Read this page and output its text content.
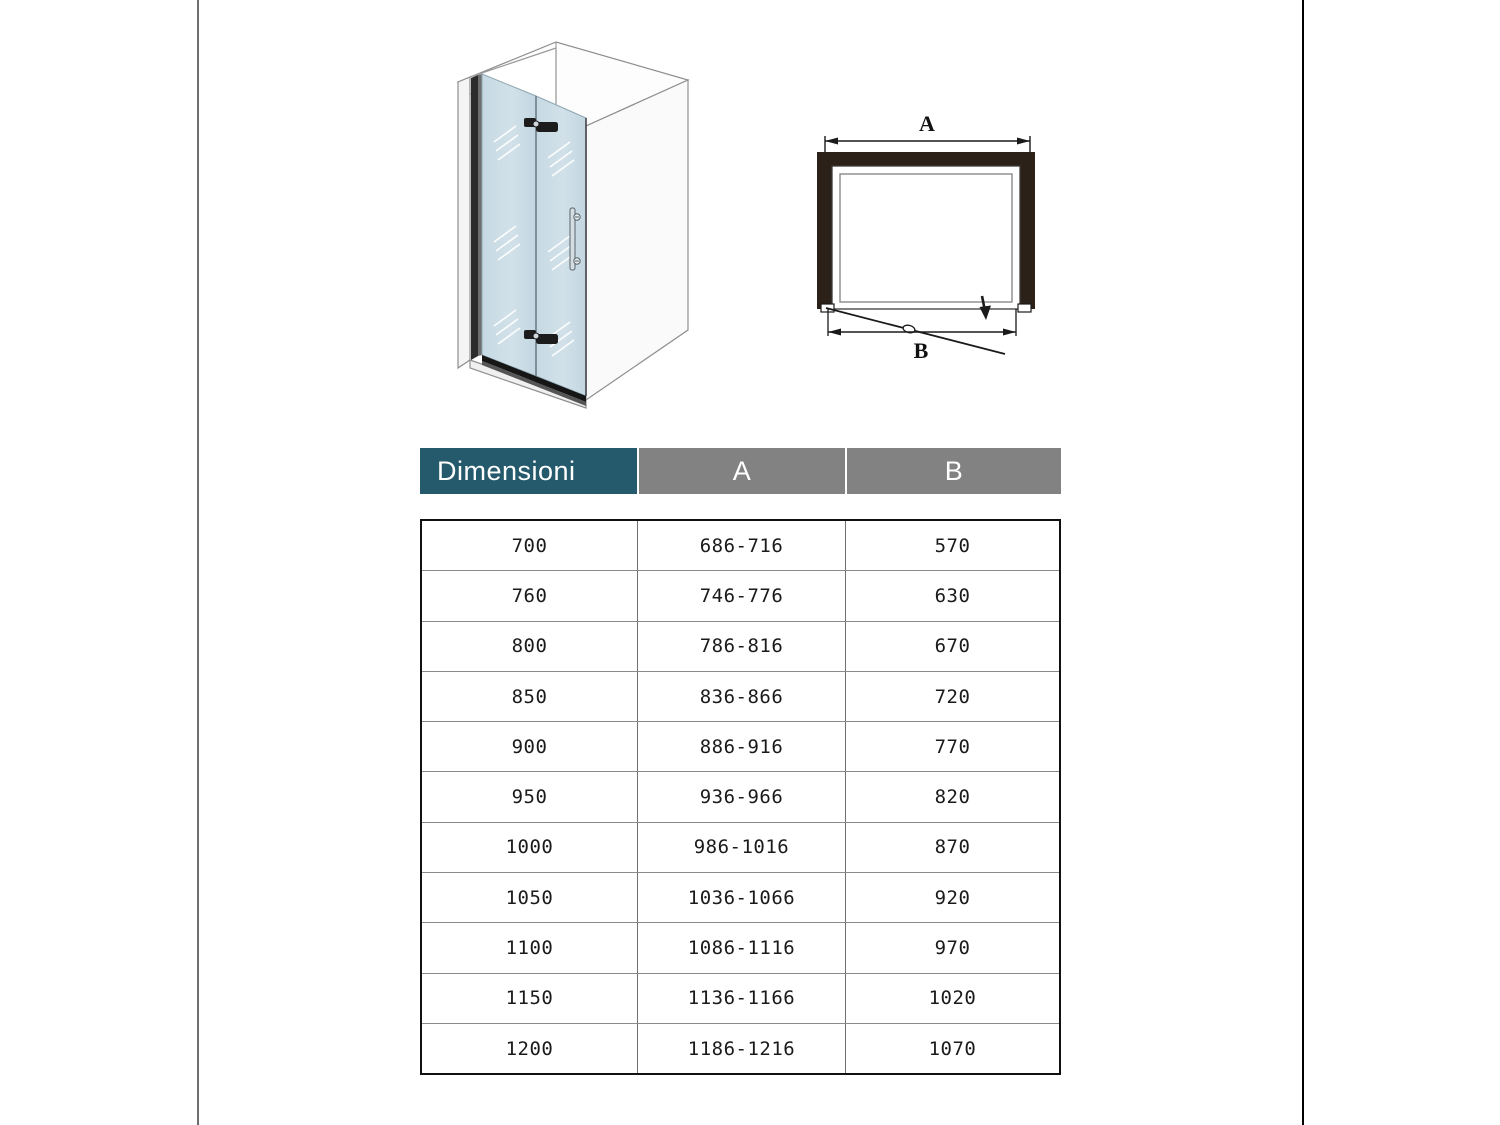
A
B
Dimensioni	A	B
700	686-716	570
760	746-776	630
800	786-816	670
850	836-866	720
900	886-916	770
950	936-966	820
1000	986-1016	870
1050	1036-1066	920
1100	1086-1116	970
1150	1136-1166	1020
1200	1186-1216	1070
